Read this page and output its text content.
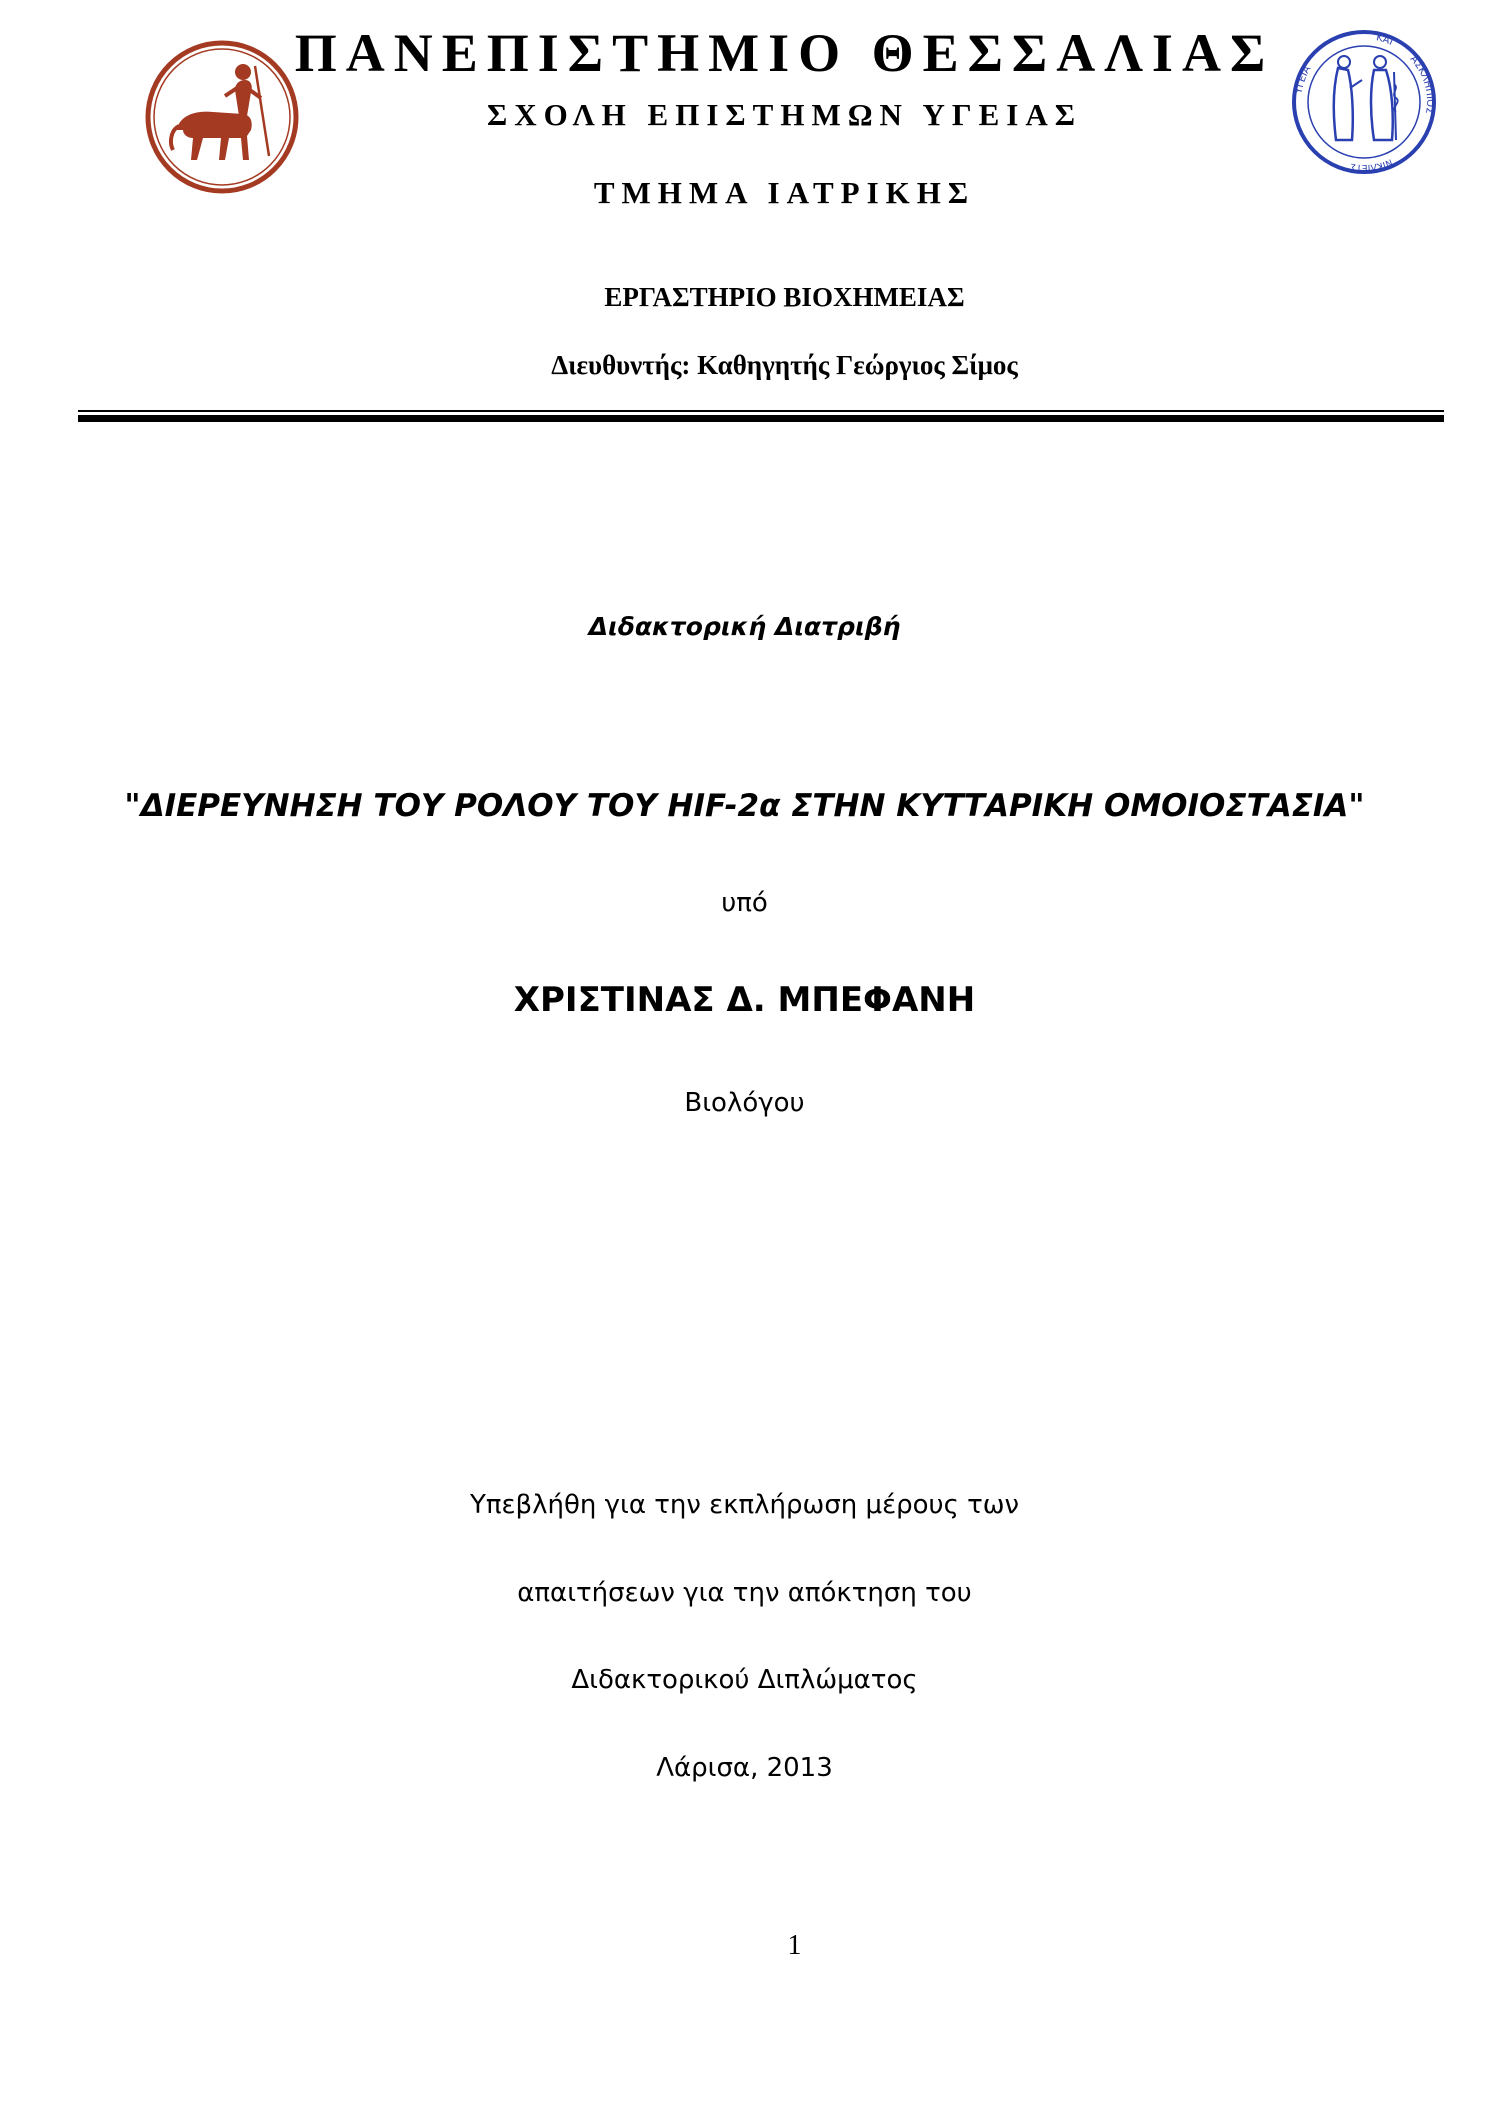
ΥΓΕΙΑ
ΚΑΙ
ΑΣΚΛΗΠΙΟΣ
ΝΙΚΛΙΕΤΣ
ΠΑΝΕΠΙΣΤΗΜΙΟ ΘΕΣΣΑΛΙΑΣ
ΣΧΟΛΗ ΕΠΙΣΤΗΜΩΝ ΥΓΕΙΑΣ
ΤΜΗΜΑ ΙΑΤΡΙΚΗΣ
ΕΡΓΑΣΤΗΡΙΟ ΒΙΟΧΗΜΕΙΑΣ
Διευθυντής: Καθηγητής Γεώργιος Σίμος
Διδακτορική Διατριβή
"ΔΙΕΡΕΥΝΗΣΗ ΤΟΥ ΡΟΛΟΥ ΤΟΥ HIF-2α ΣΤΗΝ ΚΥΤΤΑΡΙΚΗ ΟΜΟΙΟΣΤΑΣΙΑ"
υπό
ΧΡΙΣΤΙΝΑΣ Δ. ΜΠΕΦΑΝΗ
Βιολόγου
Υπεβλήθη για την εκπλήρωση μέρους των
απαιτήσεων για την απόκτηση του
Διδακτορικού Διπλώματος
Λάρισα, 2013
1
